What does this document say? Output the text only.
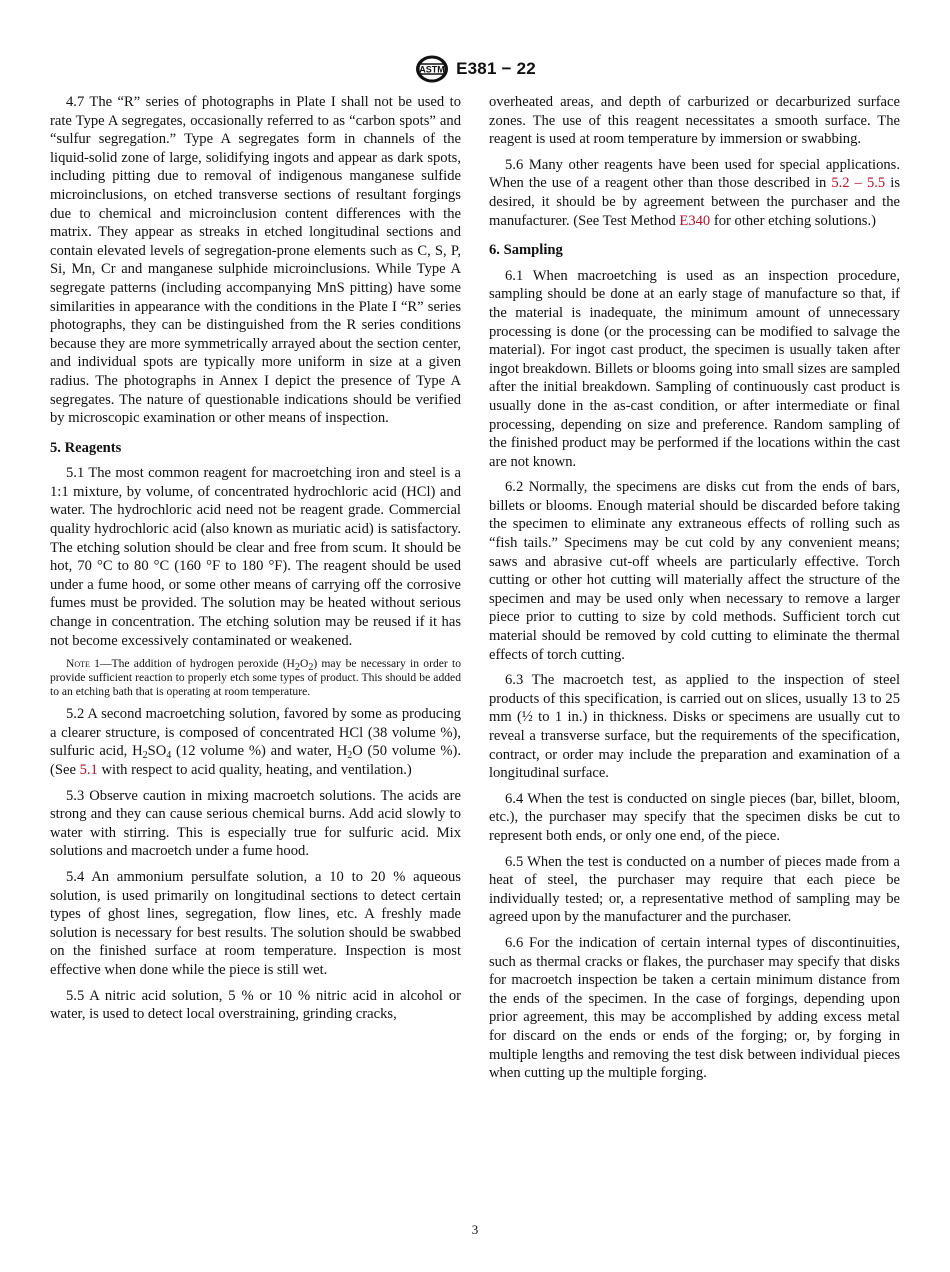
ASTM E381 − 22

4.7 The “R” series of photographs in Plate I shall not be used to rate Type A segregates, occasionally referred to as “carbon spots” and “sulfur segregation.” Type A segregates form in channels of the liquid-solid zone of large, solidifying ingots and appear as dark spots, including pitting due to removal of indigenous manganese sulfide microinclusions, on etched transverse sections of resultant forgings due to chemical and microinclusion content differences with the matrix. They appear as streaks in etched longitudinal sections and contain elevated levels of segregation-prone elements such as C, S, P, Si, Mn, Cr and manganese sulphide microinclusions. While Type A segregate patterns (including accompanying MnS pitting) have some similarities in appearance with the conditions in the Plate I “R” series photographs, they can be distinguished from the R series conditions because they are more symmetrically arrayed about the section center, and individual spots are typically more uniform in size at a given radius. The photographs in Annex I depict the presence of Type A segregates. The nature of questionable indications should be verified by microscopic examination or other means of inspection.

5. Reagents

5.1 The most common reagent for macroetching iron and steel is a 1:1 mixture, by volume, of concentrated hydrochloric acid (HCl) and water. The hydrochloric acid need not be reagent grade. Commercial quality hydrochloric acid (also known as muriatic acid) is satisfactory. The etching solution should be clear and free from scum. It should be hot, 70 °C to 80 °C (160 °F to 180 °F). The reagent should be used under a fume hood, or some other means of carrying off the corrosive fumes must be provided. The solution may be heated without serious change in concentration. The etching solution may be reused if it has not become excessively contaminated or weakened.

Note 1—The addition of hydrogen peroxide $(H_2O_2)$ may be necessary in order to provide sufficient reaction to properly etch some types of product. This should be added to an etching bath that is operating at room temperature.

5.2 A second macroetching solution, favored by some as producing a clearer structure, is composed of concentrated HCl (38 volume %), sulfuric acid, $H_2SO_4$ (12 volume %) and water, $H_2O$ (50 volume %). (See 5.1 with respect to acid quality, heating, and ventilation.)

5.3 Observe caution in mixing macroetch solutions. The acids are strong and they can cause serious chemical burns. Add acid slowly to water with stirring. This is especially true for sulfuric acid. Mix solutions and macroetch under a fume hood.

5.4 An ammonium persulfate solution, a 10 to 20 % aqueous solution, is used primarily on longitudinal sections to detect certain types of ghost lines, segregation, flow lines, etc. A freshly made solution is necessary for best results. The solution should be swabbed on the finished surface at room temperature. Inspection is most effective when done while the piece is still wet.

5.5 A nitric acid solution, 5 % or 10 % nitric acid in alcohol or water, is used to detect local overstraining, grinding cracks,

overheated areas, and depth of carburized or decarburized surface zones. The use of this reagent necessitates a smooth surface. The reagent is used at room temperature by immersion or swabbing.

5.6 Many other reagents have been used for special applications. When the use of a reagent other than those described in 5.2 – 5.5 is desired, it should be by agreement between the purchaser and the manufacturer. (See Test Method E340 for other etching solutions.)

6. Sampling

6.1 When macroetching is used as an inspection procedure, sampling should be done at an early stage of manufacture so that, if the material is inadequate, the minimum amount of unnecessary processing is done (or the processing can be modified to salvage the material). For ingot cast product, the specimen is usually taken after ingot breakdown. Billets or blooms going into small sizes are sampled after the initial breakdown. Sampling of continuously cast product is usually done in the as-cast condition, or after intermediate or final processing, depending on size and preference. Random sampling of the finished product may be performed if the locations within the cast are not known.

6.2 Normally, the specimens are disks cut from the ends of bars, billets or blooms. Enough material should be discarded before taking the specimen to eliminate any extraneous effects of rolling such as “fish tails.” Specimens may be cut cold by any convenient means; saws and abrasive cut-off wheels are particularly effective. Torch cutting or other hot cutting will materially affect the structure of the specimen and may be used only when necessary to remove a larger piece prior to cutting to size by cold methods. Sufficient torch cut material should be removed by cold cutting to eliminate the thermal effects of torch cutting.

6.3 The macroetch test, as applied to the inspection of steel products of this specification, is carried out on slices, usually 13 to 25 mm (½ to 1 in.) in thickness. Disks or specimens are usually cut to reveal a transverse surface, but the requirements of the specification, contract, or order may include the preparation and examination of a longitudinal surface.

6.4 When the test is conducted on single pieces (bar, billet, bloom, etc.), the purchaser may specify that the specimen disks be cut to represent both ends, or only one end, of the piece.

6.5 When the test is conducted on a number of pieces made from a heat of steel, the purchaser may require that each piece be individually tested; or, a representative method of sampling may be agreed upon by the manufacturer and the purchaser.

6.6 For the indication of certain internal types of discontinuities, such as thermal cracks or flakes, the purchaser may specify that disks for macroetch inspection be taken a certain minimum distance from the ends of the specimen. In the case of forgings, depending upon prior agreement, this may be accomplished by adding excess metal for discard on the ends or ends of the forging; or, by forging in multiple lengths and removing the test disk between individual pieces when cutting up the multiple forging.

3
